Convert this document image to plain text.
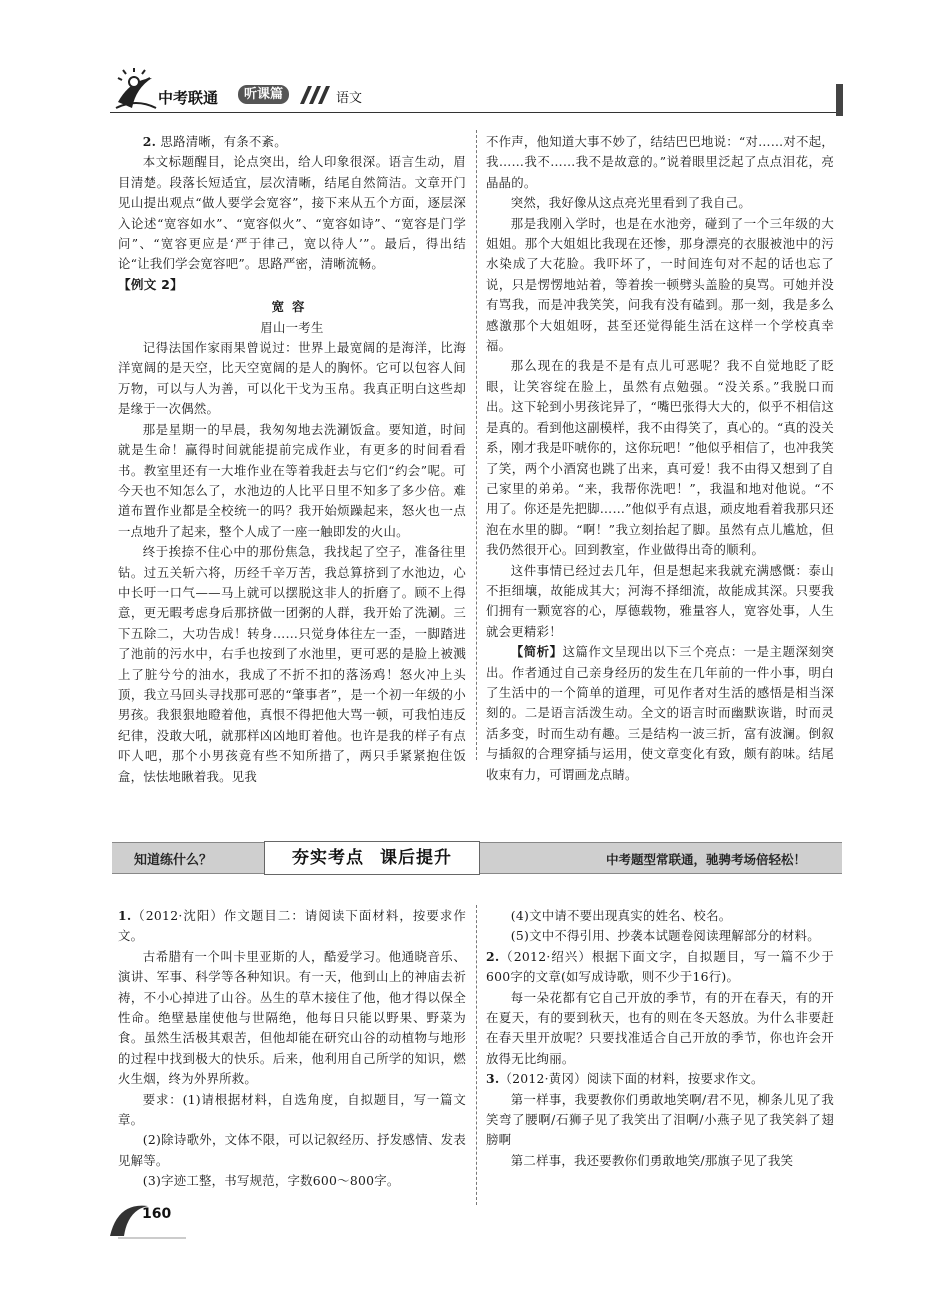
中考联通	听课篇	语文

2. 思路清晰，有条不紊。

本文标题醒目，论点突出，给人印象很深。语言生动，眉目清楚。段落长短适宜，层次清晰，结尾自然简洁。文章开门见山提出观点“做人要学会宽容”，接下来从五个方面，逐层深入论述“宽容如水”、“宽容似火”、“宽容如诗”、“宽容是门学问”、“宽容更应是‘严于律己，宽以待人’”。最后，得出结论“让我们学会宽容吧”。思路严密，清晰流畅。

【例文 2】

宽容

眉山一考生

记得法国作家雨果曾说过：世界上最宽阔的是海洋，比海洋宽阔的是天空，比天空宽阔的是人的胸怀。它可以包容人间万物，可以与人为善，可以化干戈为玉帛。我真正明白这些却是缘于一次偶然。

那是星期一的早晨，我匆匆地去洗涮饭盒。要知道，时间就是生命！赢得时间就能提前完成作业，有更多的时间看看书。教室里还有一大堆作业在等着我赶去与它们“约会”呢。可今天也不知怎么了，水池边的人比平日里不知多了多少倍。难道布置作业都是全校统一的吗？我开始烦躁起来，怒火也一点一点地升了起来，整个人成了一座一触即发的火山。

终于挨捺不住心中的那份焦急，我找起了空子，准备往里钻。过五关斩六将，历经千辛万苦，我总算挤到了水池边，心中长吁一口气——马上就可以摆脱这非人的折磨了。顾不上得意，更无暇考虑身后那挤做一团粥的人群，我开始了洗涮。三下五除二，大功告成！转身……只觉身体往左一歪，一脚踏进了池前的污水中，右手也按到了水池里，更可恶的是脸上被溅上了脏兮兮的油水，我成了不折不扣的落汤鸡！怒火冲上头顶，我立马回头寻找那可恶的“肇事者”，是一个初一年级的小男孩。我狠狠地瞪着他，真恨不得把他大骂一顿，可我怕违反纪律，没敢大吼，就那样凶凶地盯着他。也许是我的样子有点吓人吧，那个小男孩竟有些不知所措了，两只手紧紧抱住饭盒，怯怯地瞅着我。见我

不作声，他知道大事不妙了，结结巴巴地说：“对……对不起，我……我不……我不是故意的。”说着眼里泛起了点点泪花，亮晶晶的。

突然，我好像从这点亮光里看到了我自己。

那是我刚入学时，也是在水池旁，碰到了一个三年级的大姐姐。那个大姐姐比我现在还惨，那身漂亮的衣服被池中的污水染成了大花脸。我吓坏了，一时间连句对不起的话也忘了说，只是愣愣地站着，等着挨一顿劈头盖脸的臭骂。可她并没有骂我，而是冲我笑笑，问我有没有磕到。那一刻，我是多么感激那个大姐姐呀，甚至还觉得能生活在这样一个学校真幸福。

那么现在的我是不是有点儿可恶呢？我不自觉地眨了眨眼，让笑容绽在脸上，虽然有点勉强。“没关系。”我脱口而出。这下轮到小男孩诧异了，“嘴巴张得大大的，似乎不相信这是真的。看到他这副模样，我不由得笑了，真心的。“真的没关系，刚才我是吓唬你的，这你玩吧！”他似乎相信了，也冲我笑了笑，两个小酒窝也跳了出来，真可爱！我不由得又想到了自己家里的弟弟。“来，我帮你洗吧！”，我温和地对他说。“不用了。你还是先把脚……”他似乎有点退，顽皮地看着我那只还泡在水里的脚。“啊！”我立刻抬起了脚。虽然有点儿尴尬，但我仍然很开心。回到教室，作业做得出奇的顺利。

这件事情已经过去几年，但是想起来我就充满感慨：泰山不拒细壤，故能成其大；河海不择细流，故能成其深。只要我们拥有一颗宽容的心，厚德载物，雅量容人，宽容处事，人生就会更精彩！

【简析】这篇作文呈现出以下三个亮点：一是主题深刻突出。作者通过自己亲身经历的发生在几年前的一件小事，明白了生活中的一个简单的道理，可见作者对生活的感悟是相当深刻的。二是语言活泼生动。全文的语言时而幽默诙谐，时而灵活多变，时而生动有趣。三是结构一波三折，富有波澜。倒叙与插叙的合理穿插与运用，使文章变化有致，颇有韵味。结尾收束有力，可谓画龙点睛。

知道练什么？	夯实考点 课后提升	中考题型常联通，驰骋考场倍轻松！

1.（2012·沈阳）作文题目二：请阅读下面材料，按要求作文。

古希腊有一个叫卡里亚斯的人，酷爱学习。他通晓音乐、演讲、军事、科学等各种知识。有一天，他到山上的神庙去祈祷，不小心掉进了山谷。丛生的草木接住了他，他才得以保全性命。绝壁悬崖使他与世隔绝，他每日只能以野果、野菜为食。虽然生活极其艰苦，但他却能在研究山谷的动植物与地形的过程中找到极大的快乐。后来，他利用自己所学的知识，燃火生烟，终为外界所救。

要求：(1)请根据材料，自选角度，自拟题目，写一篇文章。

(2)除诗歌外，文体不限，可以记叙经历、抒发感情、发表见解等。

(3)字迹工整，书写规范，字数600～800字。

(4)文中请不要出现真实的姓名、校名。

(5)文中不得引用、抄袭本试题卷阅读理解部分的材料。

2.（2012·绍兴）根据下面文字，自拟题目，写一篇不少于600字的文章(如写成诗歌，则不少于16行)。

每一朵花都有它自己开放的季节，有的开在春天，有的开在夏天，有的要到秋天，也有的则在冬天怒放。为什么非要赶在春天里开放呢？只要找准适合自己开放的季节，你也许会开放得无比绚丽。

3.（2012·黄冈）阅读下面的材料，按要求作文。

第一样事，我要教你们勇敢地笑啊/君不见，柳条儿见了我笑弯了腰啊/石狮子见了我笑出了泪啊/小燕子见了我笑斜了翅膀啊

第二样事，我还要教你们勇敢地笑/那旗子见了我笑

160
